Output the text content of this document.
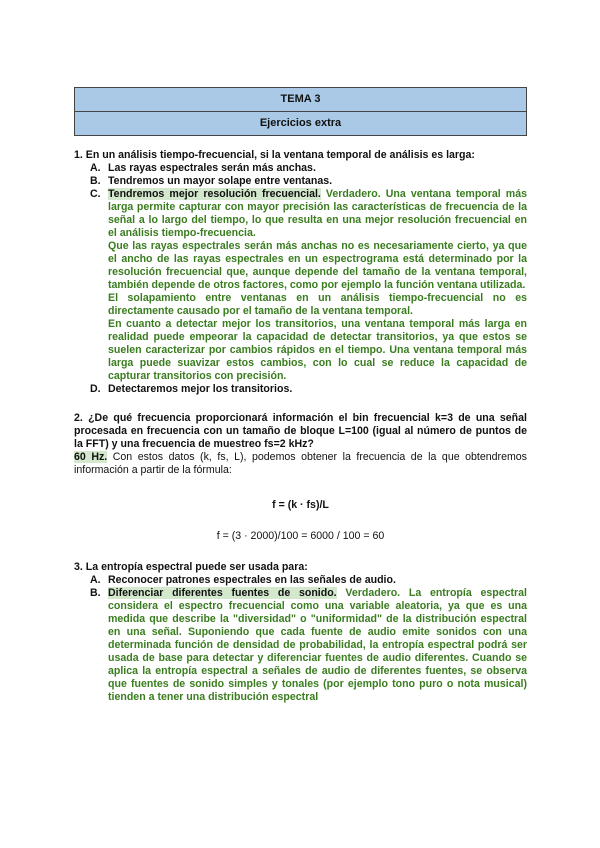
TEMA 3
Ejercicios extra

1. En un análisis tiempo-frecuencial, si la ventana temporal de análisis es larga:

A. Las rayas espectrales serán más anchas.
B. Tendremos un mayor solape entre ventanas.
C. Tendremos mejor resolución frecuencial. Verdadero. Una ventana temporal más larga permite capturar con mayor precisión las características de frecuencia de la señal a lo largo del tiempo, lo que resulta en una mejor resolución frecuencial en el análisis tiempo-frecuencia.

Que las rayas espectrales serán más anchas no es necesariamente cierto, ya que el ancho de las rayas espectrales en un espectrograma está determinado por la resolución frecuencial que, aunque depende del tamaño de la ventana temporal, también depende de otros factores, como por ejemplo la función ventana utilizada.

El solapamiento entre ventanas en un análisis tiempo-frecuencial no es directamente causado por el tamaño de la ventana temporal.

En cuanto a detectar mejor los transitorios, una ventana temporal más larga en realidad puede empeorar la capacidad de detectar transitorios, ya que estos se suelen caracterizar por cambios rápidos en el tiempo. Una ventana temporal más larga puede suavizar estos cambios, con lo cual se reduce la capacidad de capturar transitorios con precisión.

D. Detectaremos mejor los transitorios.

2. ¿De qué frecuencia proporcionará información el bin frecuencial k=3 de una señal procesada en frecuencia con un tamaño de bloque L=100 (igual al número de puntos de la FFT) y una frecuencia de muestreo fs=2 kHz?

60 Hz. Con estos datos (k, fs, L), podemos obtener la frecuencia de la que obtendremos información a partir de la fórmula:

f = (k · fs)/L

f = (3 · 2000)/100 = 6000 / 100 = 60

3. La entropía espectral puede ser usada para:

A. Reconocer patrones espectrales en las señales de audio.
B. Diferenciar diferentes fuentes de sonido. Verdadero. La entropía espectral considera el espectro frecuencial como una variable aleatoria, ya que es una medida que describe la "diversidad" o "uniformidad" de la distribución espectral en una señal. Suponiendo que cada fuente de audio emite sonidos con una determinada función de densidad de probabilidad, la entropía espectral podrá ser usada de base para detectar y diferenciar fuentes de audio diferentes. Cuando se aplica la entropía espectral a señales de audio de diferentes fuentes, se observa que fuentes de sonido simples y tonales (por ejemplo tono puro o nota musical) tienden a tener una distribución espectral
